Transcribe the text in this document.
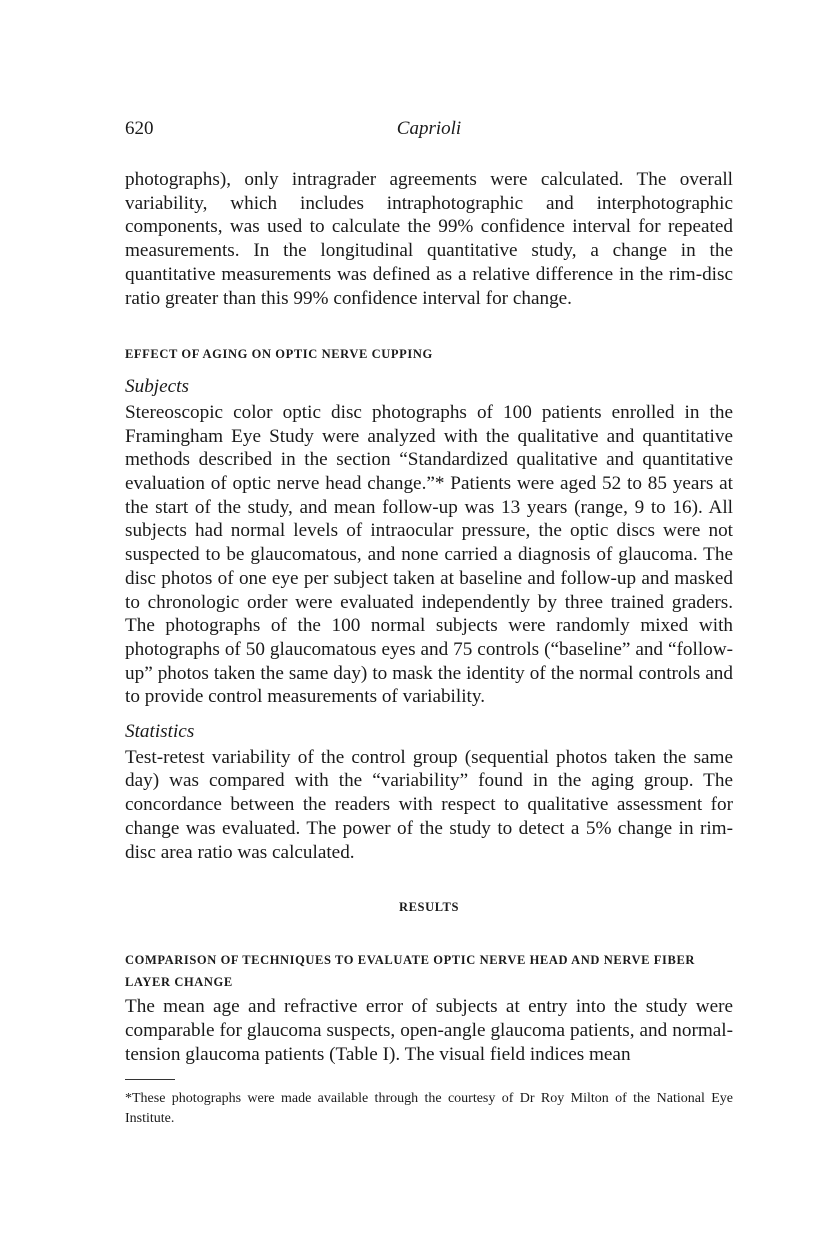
620	Caprioli

photographs), only intragrader agreements were calculated. The overall variability, which includes intraphotographic and interphotographic components, was used to calculate the 99% confidence interval for repeated measurements. In the longitudinal quantitative study, a change in the quantitative measurements was defined as a relative difference in the rim-disc ratio greater than this 99% confidence interval for change.

EFFECT OF AGING ON OPTIC NERVE CUPPING
Subjects

Stereoscopic color optic disc photographs of 100 patients enrolled in the Framingham Eye Study were analyzed with the qualitative and quantitative methods described in the section “Standardized qualitative and quantitative evaluation of optic nerve head change.”* Patients were aged 52 to 85 years at the start of the study, and mean follow-up was 13 years (range, 9 to 16). All subjects had normal levels of intraocular pressure, the optic discs were not suspected to be glaucomatous, and none carried a diagnosis of glaucoma. The disc photos of one eye per subject taken at baseline and follow-up and masked to chronologic order were evaluated independently by three trained graders. The photographs of the 100 normal subjects were randomly mixed with photographs of 50 glaucomatous eyes and 75 controls (“baseline” and “follow- up” photos taken the same day) to mask the identity of the normal controls and to provide control measurements of variability.

Statistics

Test-retest variability of the control group (sequential photos taken the same day) was compared with the “variability” found in the aging group. The concordance between the readers with respect to qualitative assessment for change was evaluated. The power of the study to detect a 5% change in rim-disc area ratio was calculated.

RESULTS
COMPARISON OF TECHNIQUES TO EVALUATE OPTIC NERVE HEAD AND NERVE FIBER LAYER CHANGE

The mean age and refractive error of subjects at entry into the study were comparable for glaucoma suspects, open-angle glaucoma patients, and normal-tension glaucoma patients (Table I). The visual field indices mean

*These photographs were made available through the courtesy of Dr Roy Milton of the National Eye Institute.
